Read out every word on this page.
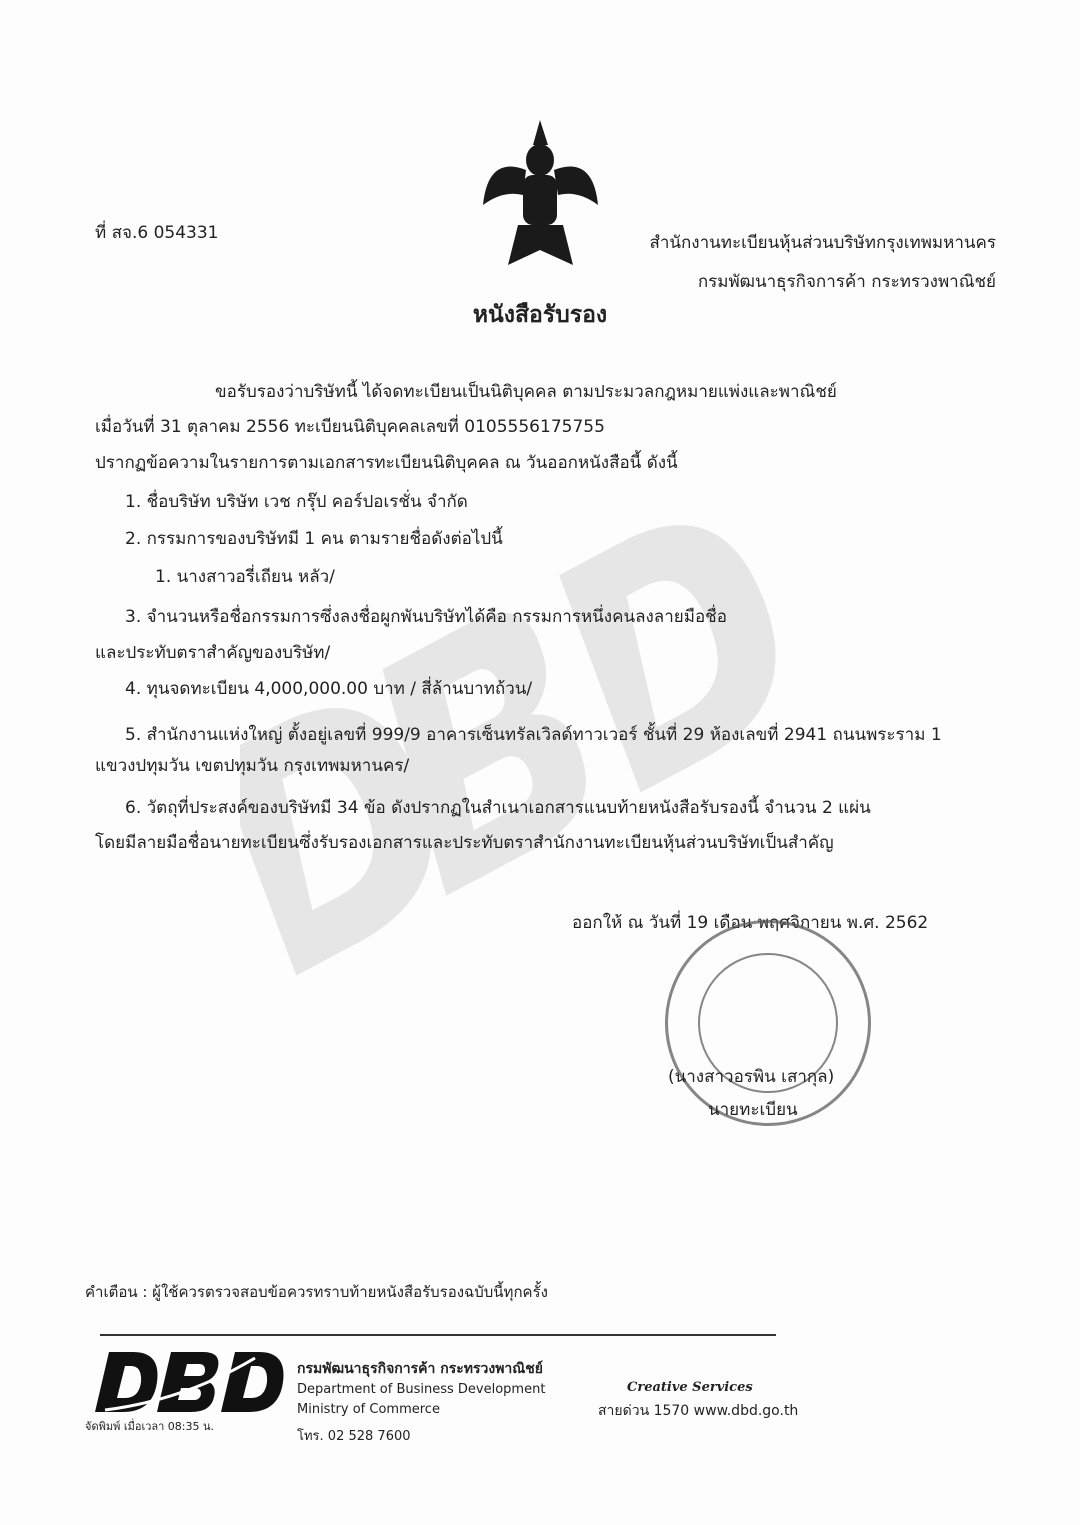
ที่ สจ.6 054331	สำนักงานทะเบียนหุ้นส่วนบริษัทกรุงเทพมหานคร
กรมพัฒนาธุรกิจการค้า กระทรวงพาณิชย์
หนังสือรับรอง
ขอรับรองว่าบริษัทนี้ ได้จดทะเบียนเป็นนิติบุคคล ตามประมวลกฎหมายแพ่งและพาณิชย์
เมื่อวันที่ 31 ตุลาคม 2556 ทะเบียนนิติบุคคลเลขที่ 0105556175755
ปรากฏข้อความในรายการตามเอกสารทะเบียนนิติบุคคล ณ วันออกหนังสือนี้ ดังนี้
1. ชื่อบริษัท บริษัท เวช กรุ๊ป คอร์ปอเรชั่น จำกัด
2. กรรมการของบริษัทมี 1 คน ตามรายชื่อดังต่อไปนี้
1. นางสาวอรี่เถียน หลัว/
3. จำนวนหรือชื่อกรรมการซึ่งลงชื่อผูกพันบริษัทได้คือ กรรมการหนึ่งคนลงลายมือชื่อ
และประทับตราสำคัญของบริษัท/
4. ทุนจดทะเบียน 4,000,000.00 บาท / สี่ล้านบาทถ้วน/
5. สำนักงานแห่งใหญ่ ตั้งอยู่เลขที่ 999/9 อาคารเซ็นทรัลเวิลด์ทาวเวอร์ ชั้นที่ 29 ห้องเลขที่ 2941 ถนนพระราม 1
แขวงปทุมวัน เขตปทุมวัน กรุงเทพมหานคร/
6. วัตถุที่ประสงค์ของบริษัทมี 34 ข้อ ดังปรากฏในสำเนาเอกสารแนบท้ายหนังสือรับรองนี้ จำนวน 2 แผ่น
โดยมีลายมือชื่อนายทะเบียนซึ่งรับรองเอกสารและประทับตราสำนักงานทะเบียนหุ้นส่วนบริษัทเป็นสำคัญ
ออกให้ ณ วันที่ 19 เดือน พฤศจิกายน พ.ศ. 2562
(นางสาวอรพิน เสากุล)
นายทะเบียน
คำเตือน : ผู้ใช้ควรตรวจสอบข้อควรทราบท้ายหนังสือรับรองฉบับนี้ทุกครั้ง
จัดพิมพ์ เมื่อเวลา 08:35 น.
กรมพัฒนาธุรกิจการค้า กระทรวงพาณิชย์
Department of Business Development
Ministry of Commerce
โทร. 02 528 7600
Creative Services
สายด่วน 1570 www.dbd.go.th
